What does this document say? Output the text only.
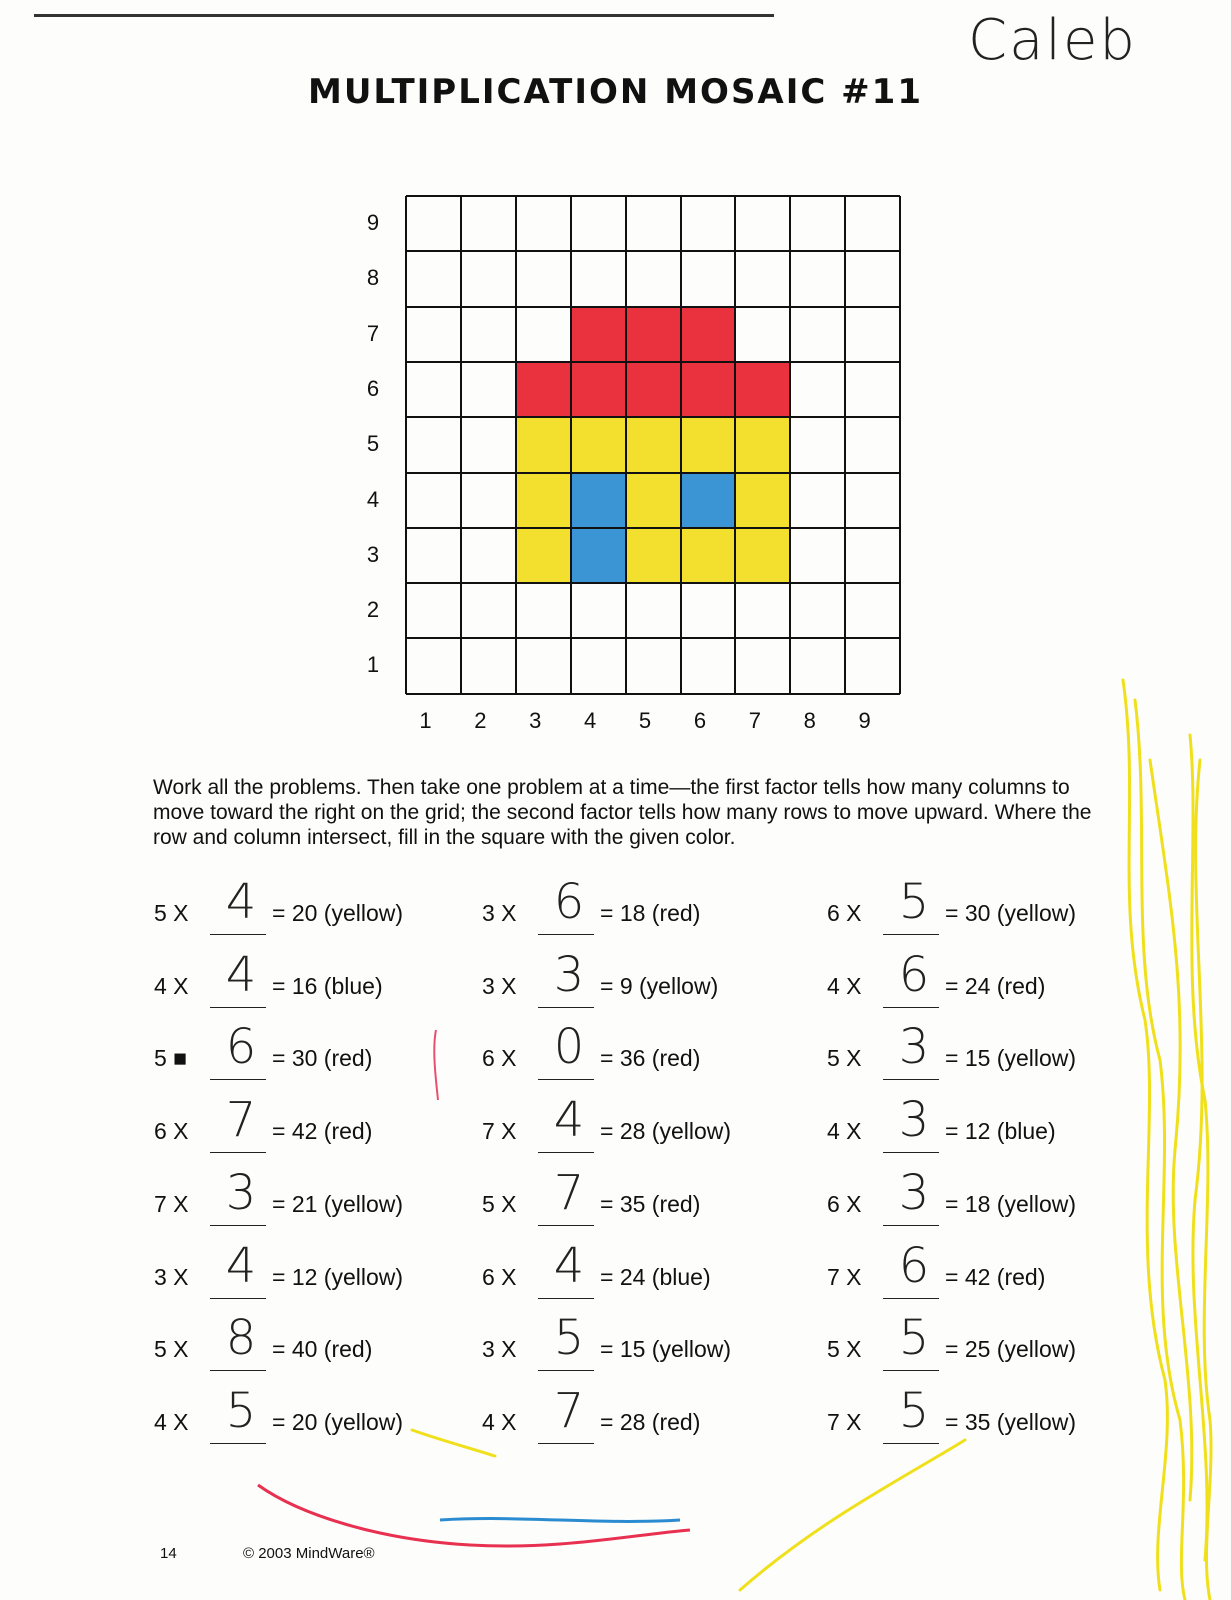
Caleb
MULTIPLICATION MOSAIC #11
9
8
7
6
5
4
3
2
1
1	2	3	4	5	6	7	8	9
Work all the problems. Then take one problem at a time—the first factor tells how many columns to move toward the right on the grid; the second factor tells how many rows to move upward. Where the row and column intersect, fill in the square with the given color.
5 X 4 = 20 (yellow)
4 X 4 = 16 (blue)
5 ■ 6 = 30 (red)
6 X 7 = 42 (red)
7 X 3 = 21 (yellow)
3 X 4 = 12 (yellow)
5 X 8 = 40 (red)
4 X 5 = 20 (yellow)
3 X 6 = 18 (red)
3 X 3 = 9 (yellow)
6 X 0 = 36 (red)
7 X 4 = 28 (yellow)
5 X 7 = 35 (red)
6 X 4 = 24 (blue)
3 X 5 = 15 (yellow)
4 X 7 = 28 (red)
6 X 5 = 30 (yellow)
4 X 6 = 24 (red)
5 X 3 = 15 (yellow)
4 X 3 = 12 (blue)
6 X 3 = 18 (yellow)
7 X 6 = 42 (red)
5 X 5 = 25 (yellow)
7 X 5 = 35 (yellow)
14	© 2003 MindWare®
